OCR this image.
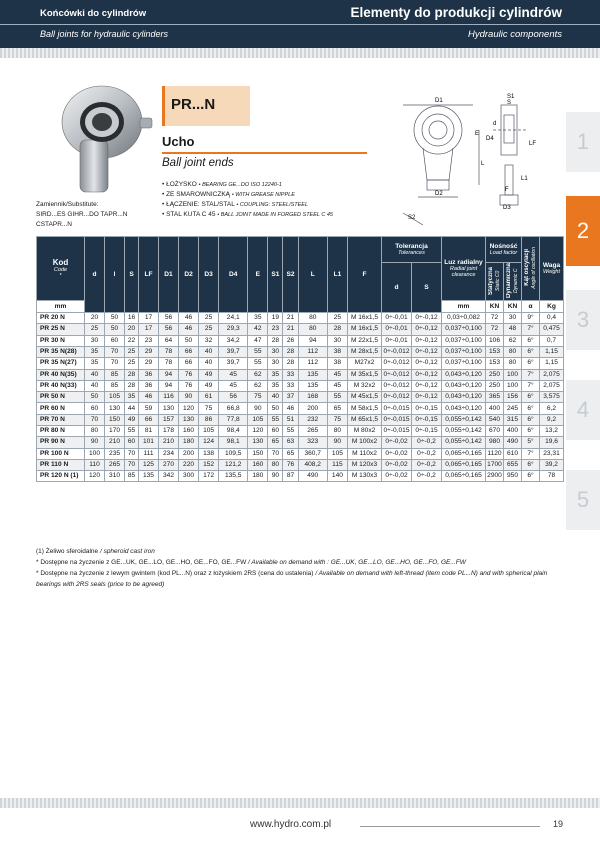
Końcówki do cylindrów
Ball joints for hydraulic cylinders
Elementy do produkcji cylindrów
Hydraulic components
1
2
3
4
5
Zamiennik/Substitute:
SIRD...ES GIHR...DO TAPR...N
CSTAPR...N
PR...N
Ucho
Ball joint ends
• ŁOŻYSKO • BEARING GE...DO ISO 12240-1
• ZE SMAROWNICZKĄ • WITH GREASE NIPPLE
• ŁĄCZENIE: STAL/STAL • COUPLING: STEEL/STEEL
• STAL KUTA C 45 • BALL JOINT MADE IN FORGED STEEL C 45
D1
D2
D3
D4
S1
S2
S
E
L
L1
F
LF
d
Kod
Code
*	d	l	S	LF	D1	D2	D3	D4	E	S1	S2	L	L1	F	Tolerancja
Tolerances		Luz radialny
Radial joint clearance	Nośność
Load factor		Kąt oscylacji
Angle of oscillation	Waga
Weight

															d	S		Statyczna
Static C0	Dynamiczna
Dynamic C		
mm																	mm	KN	KN	α	Kg
PR 20 N	20	50	16	17	56	46	25	24,1	35	19	21	80	25	M 16x1,5	0÷-0,01	0÷-0,12	0,03÷0,082	72	30	9°	0,4
PR 25 N	25	50	20	17	56	46	25	29,3	42	23	21	80	28	M 16x1,5	0÷-0,01	0÷-0,12	0,037÷0,100	72	48	7°	0,475
PR 30 N	30	60	22	23	64	50	32	34,2	47	28	26	94	30	M 22x1,5	0÷-0,01	0÷-0,12	0,037÷0,100	106	62	6°	0,7
PR 35 N(28)	35	70	25	29	78	66	40	39,7	55	30	28	112	38	M 28x1,5	0÷-0,012	0÷-0,12	0,037÷0,100	153	80	6°	1,15
PR 35 N(27)	35	70	25	29	78	66	40	39,7	55	30	28	112	38	M27x2	0÷-0,012	0÷-0,12	0,037÷0,100	153	80	6°	1,15
PR 40 N(35)	40	85	28	36	94	76	49	45	62	35	33	135	45	M 35x1,5	0÷-0,012	0÷-0,12	0,043÷0,120	250	100	7°	2,075
PR 40 N(33)	40	85	28	36	94	76	49	45	62	35	33	135	45	M 32x2	0÷-0,012	0÷-0,12	0,043÷0,120	250	100	7°	2,075
PR 50 N	50	105	35	46	116	90	61	56	75	40	37	168	55	M 45x1,5	0÷-0,012	0÷-0,12	0,043÷0,120	365	156	6°	3,575
PR 60 N	60	130	44	59	130	120	75	66,8	90	50	46	200	65	M 58x1,5	0÷-0,015	0÷-0,15	0,043÷0,120	400	245	6°	6,2
PR 70 N	70	150	49	66	157	130	86	77,8	105	55	51	232	75	M 65x1,5	0÷-0,015	0÷-0,15	0,055÷0,142	540	315	6°	9,2
PR 80 N	80	170	55	81	178	160	105	98,4	120	60	55	265	80	M 80x2	0÷-0,015	0÷-0,15	0,055÷0,142	670	400	6°	13,2
PR 90 N	90	210	60	101	210	180	124	98,1	130	65	63	323	90	M 100x2	0÷-0,02	0÷-0,2	0,055÷0,142	980	490	5°	19,6
PR 100 N	100	235	70	111	234	200	138	109,5	150	70	65	360,7	105	M 110x2	0÷-0,02	0÷-0,2	0,065÷0,165	1120	610	7°	23,31
PR 110 N	110	265	70	125	270	220	152	121,2	160	80	76	408,2	115	M 120x3	0÷-0,02	0÷-0,2	0,065÷0,165	1700	655	6°	39,2
PR 120 N (1)	120	310	85	135	342	300	172	135,5	180	90	87	490	140	M 130x3	0÷-0,02	0÷-0,2	0,065÷0,165	2900	950	6°	78
(1) Żeliwo sferoidalne / spheroid cast iron
* Dostępne na życzenie z GE...UK, GE...LO, GE...HO, GE...FO, GE...FW / Available on demand with : GE...UK, GE...LO, GE...HO, GE...FO, GE...FW
* Dostępne na życzenie z lewym gwintem (kod PL...N) oraz z łożyskiem 2RS (cena do ustalenia) / Available on demand with left-thread (item code PL...N) and with spherical plain bearings with 2RS seals (price to be agreed)
www.hydro.com.pl	19
